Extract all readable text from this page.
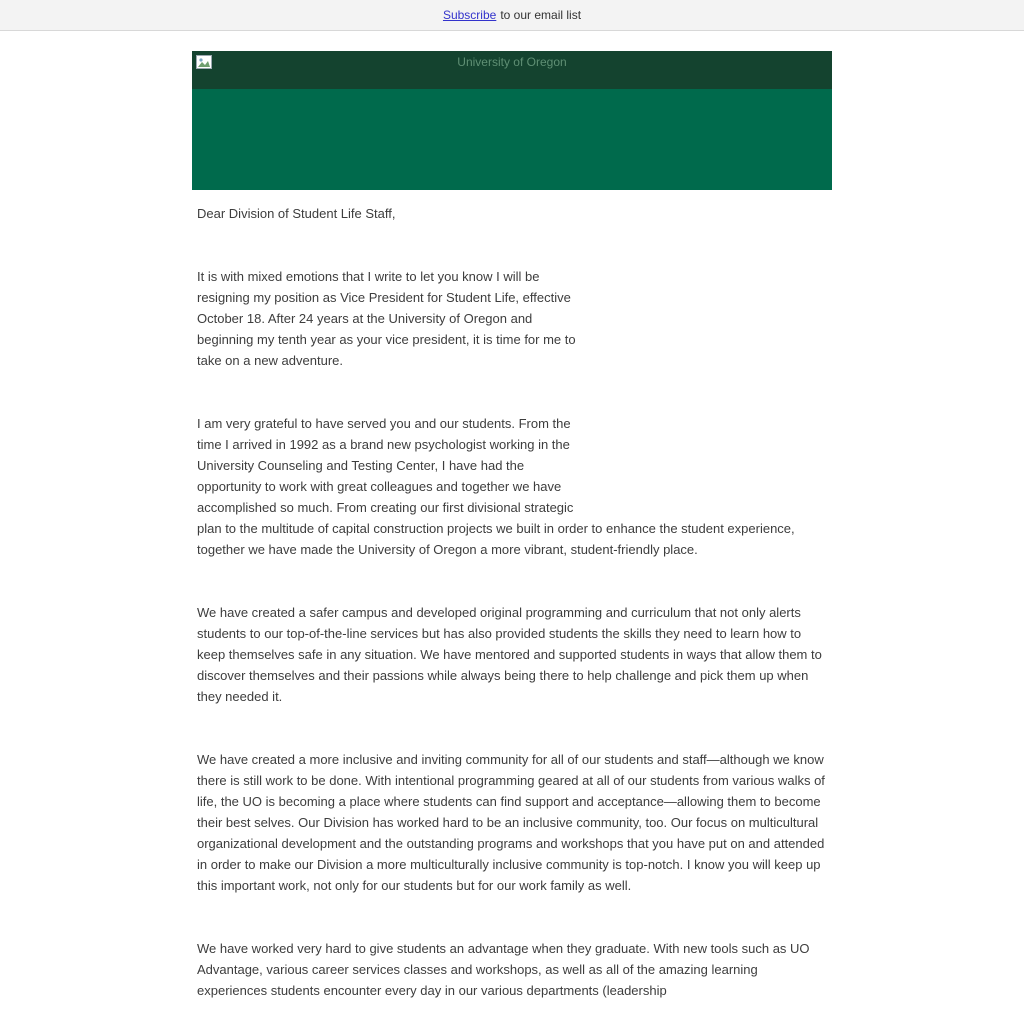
Subscribe to our email list
University of Oregon

Dear Division of Student Life Staff,

It is with mixed emotions that I write to let you know I will be resigning my position as Vice President for Student Life, effective October 18. After 24 years at the University of Oregon and beginning my tenth year as your vice president, it is time for me to take on a new adventure.

I am very grateful to have served you and our students. From the time I arrived in 1992 as a brand new psychologist working in the University Counseling and Testing Center, I have had the opportunity to work with great colleagues and together we have accomplished so much. From creating our first divisional strategic plan to the multitude of capital construction projects we built in order to enhance the student experience, together we have made the University of Oregon a more vibrant, student-friendly place.

We have created a safer campus and developed original programming and curriculum that not only alerts students to our top-of-the-line services but has also provided students the skills they need to learn how to keep themselves safe in any situation. We have mentored and supported students in ways that allow them to discover themselves and their passions while always being there to help challenge and pick them up when they needed it.

We have created a more inclusive and inviting community for all of our students and staff—although we know there is still work to be done. With intentional programming geared at all of our students from various walks of life, the UO is becoming a place where students can find support and acceptance—allowing them to become their best selves. Our Division has worked hard to be an inclusive community, too. Our focus on multicultural organizational development and the outstanding programs and workshops that you have put on and attended in order to make our Division a more multiculturally inclusive community is top-notch. I know you will keep up this important work, not only for our students but for our work family as well.

We have worked very hard to give students an advantage when they graduate. With new tools such as UO Advantage, various career services classes and workshops, as well as all of the amazing learning experiences students encounter every day in our various departments (leadership
